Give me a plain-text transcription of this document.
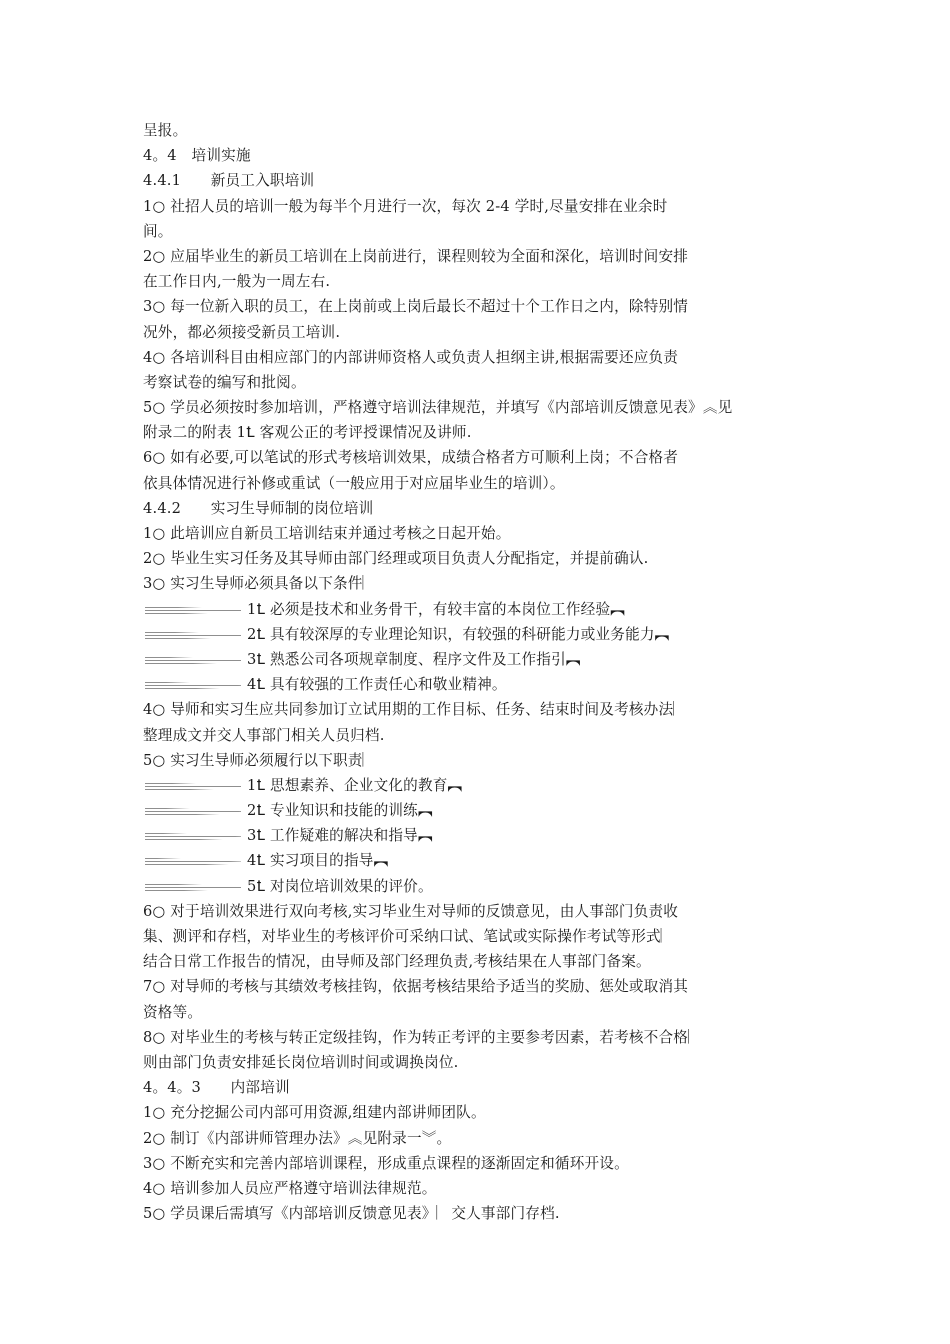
呈报。
4。4　培训实施
4.4.1　　新员工入职培训
1○ 社招人员的培训一般为每半个月进行一次，每次 2-4 学时,尽量安排在业余时
间。
2○ 应届毕业生的新员工培训在上岗前进行，课程则较为全面和深化，培训时间安排
在工作日内,一般为一周左右.
3○ 每一位新入职的员工，在上岗前或上岗后最长不超过十个工作日之内，除特别情
况外，都必须接受新员工培训.
4○ 各培训科目由相应部门的内部讲师资格人或负责人担纲主讲,根据需要还应负责
考察试卷的编写和批阅。
5○ 学员必须按时参加培训，严格遵守培训法律规范，并填写《内部培训反馈意见表》︽见
附录二的附表 1Ꝉ 客观公正的考评授课情况及讲师.
6○ 如有必要,可以笔试的形式考核培训效果，成绩合格者方可顺利上岗；不合格者
依具体情况进行补修或重试（一般应用于对应届毕业生的培训）。
4.4.2　　实习生导师制的岗位培训
1○ 此培训应自新员工培训结束并通过考核之日起开始。
2○ 毕业生实习任务及其导师由部门经理或项目负责人分配指定，并提前确认.
3○ 实习生导师必须具备以下条件︳
1Ꝉ 必须是技术和业务骨干，有较丰富的本岗位工作经验︻
2Ꝉ 具有较深厚的专业理论知识，有较强的科研能力或业务能力︻
3Ꝉ 熟悉公司各项规章制度、程序文件及工作指引︻
4Ꝉ 具有较强的工作责任心和敬业精神。
4○ 导师和实习生应共同参加订立试用期的工作目标、任务、结束时间及考核办法︳
整理成文并交人事部门相关人员归档.
5○ 实习生导师必须履行以下职责︳
1Ꝉ 思想素养、企业文化的教育︻
2Ꝉ 专业知识和技能的训练︻
3Ꝉ 工作疑难的解决和指导︻
4Ꝉ 实习项目的指导︻
5Ꝉ 对岗位培训效果的评价。
6○ 对于培训效果进行双向考核,实习毕业生对导师的反馈意见，由人事部门负责收
集、测评和存档，对毕业生的考核评价可采纳口试、笔试或实际操作考试等形式︳
结合日常工作报告的情况，由导师及部门经理负责,考核结果在人事部门备案。
7○ 对导师的考核与其绩效考核挂钩，依据考核结果给予适当的奖励、惩处或取消其
资格等。
8○ 对毕业生的考核与转正定级挂钩，作为转正考评的主要参考因素，若考核不合格︳
则由部门负责安排延长岗位培训时间或调换岗位.
4。4。3　　内部培训
1○ 充分挖掘公司内部可用资源,组建内部讲师团队。
2○ 制订《内部讲师管理办法》︽见附录一︾。
3○ 不断充实和完善内部培训课程，形成重点课程的逐渐固定和循环开设。
4○ 培训参加人员应严格遵守培训法律规范。
5○ 学员课后需填写《内部培训反馈意见表》︳交人事部门存档.
